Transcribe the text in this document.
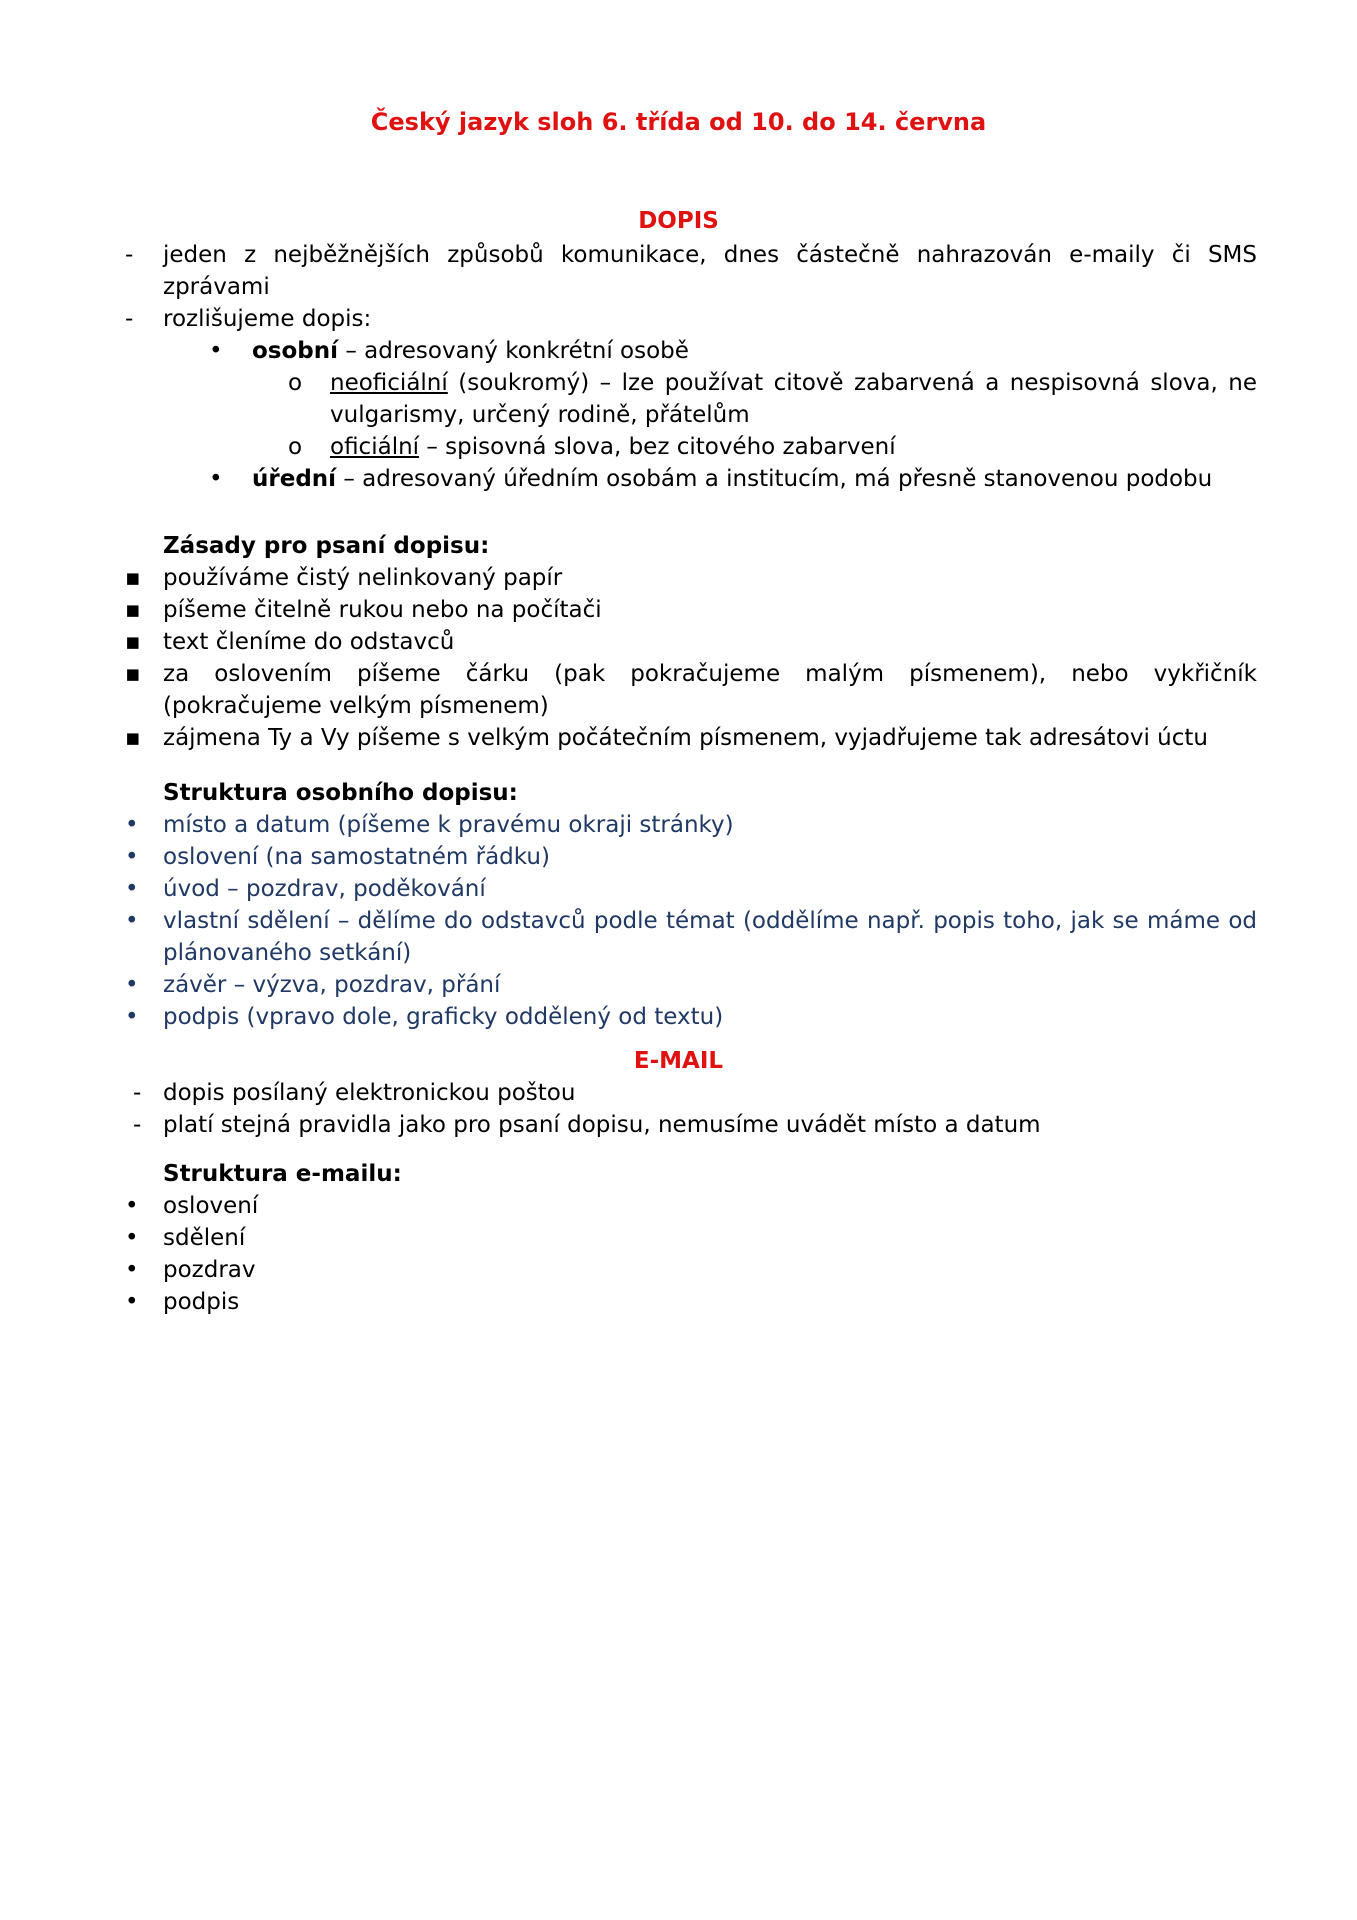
Český jazyk sloh 6. třída od 10. do 14. června
DOPIS
- jeden z nejběžnějších způsobů komunikace, dnes částečně nahrazován e-maily či SMS zprávami
- rozlišujeme dopis:
• osobní – adresovaný konkrétní osobě
o neoficiální (soukromý) – lze používat citově zabarvená a nespisovná slova, ne vulgarismy, určený rodině, přátelům
o oficiální – spisovná slova, bez citového zabarvení
• úřední – adresovaný úředním osobám a institucím, má přesně stanovenou podobu
Zásady pro psaní dopisu:
▪ používáme čistý nelinkovaný papír
▪ píšeme čitelně rukou nebo na počítači
▪ text členíme do odstavců
▪ za oslovením píšeme čárku (pak pokračujeme malým písmenem), nebo vykřičník (pokračujeme velkým písmenem)
▪ zájmena Ty a Vy píšeme s velkým počátečním písmenem, vyjadřujeme tak adresátovi úctu
Struktura osobního dopisu:
• místo a datum (píšeme k pravému okraji stránky)
• oslovení (na samostatném řádku)
• úvod – pozdrav, poděkování
• vlastní sdělení – dělíme do odstavců podle témat (oddělíme např. popis toho, jak se máme od plánovaného setkání)
• závěr – výzva, pozdrav, přání
• podpis (vpravo dole, graficky oddělený od textu)
E-MAIL
- dopis posílaný elektronickou poštou
- platí stejná pravidla jako pro psaní dopisu, nemusíme uvádět místo a datum
Struktura e-mailu:
• oslovení
• sdělení
• pozdrav
• podpis
